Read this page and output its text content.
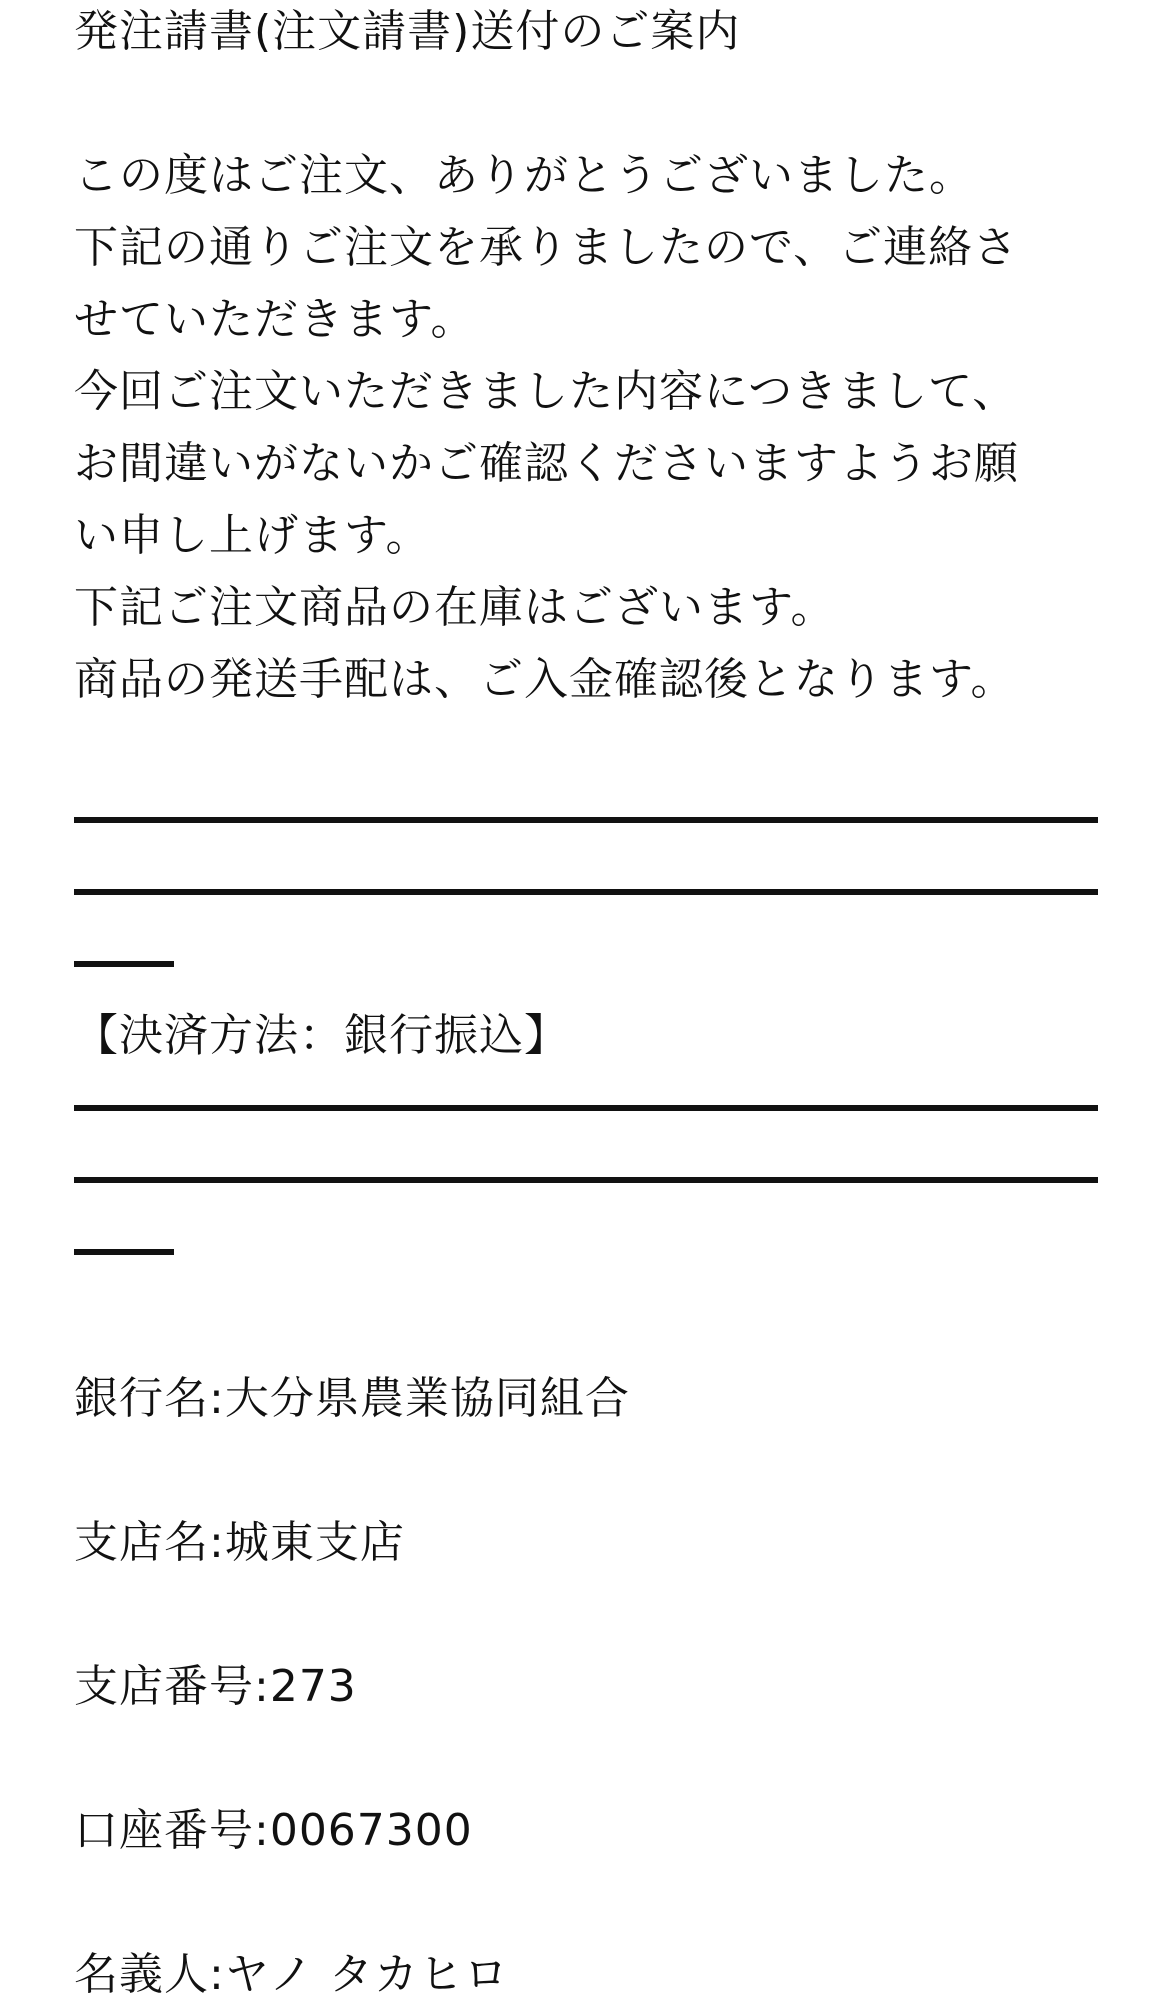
発注請書(注文請書)送付のご案内
この度はご注文、ありがとうございました。
下記の通りご注文を承りましたので、ご連絡さ
せていただきます。
今回ご注文いただきました内容につきまして、
お間違いがないかご確認くださいますようお願
い申し上げます。
下記ご注文商品の在庫はございます。
商品の発送手配は、ご入金確認後となります。
【決済方法：銀行振込】
銀行名:大分県農業協同組合
支店名:城東支店
支店番号:273
口座番号:0067300
名義人:ヤノ タカヒロ
